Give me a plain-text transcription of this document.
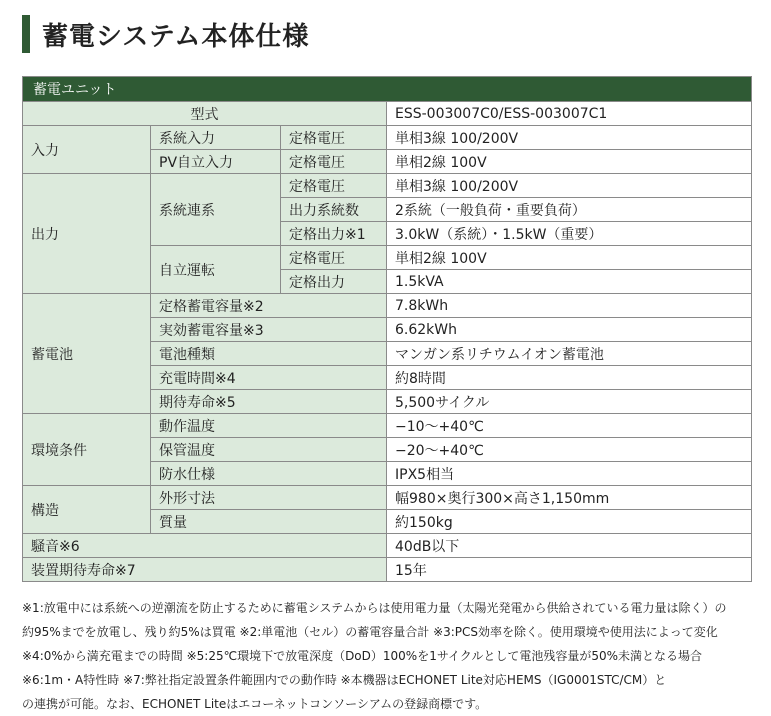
蓄電システム本体仕様
蓄電ユニット			
型式			ESS-003007C0/ESS-003007C1
入力	系統入力	定格電圧	単相3線 100/200V
	PV自立入力	定格電圧	単相2線 100V
出力	系統連系	定格電圧	単相3線 100/200V
		出力系統数	2系統（一般負荷・重要負荷）
		定格出力※1	3.0kW（系統）・1.5kW（重要）
	自立運転	定格電圧	単相2線 100V
		定格出力	1.5kVA
蓄電池	定格蓄電容量※2		7.8kWh
	実効蓄電容量※3		6.62kWh
	電池種類		マンガン系リチウムイオン蓄電池
	充電時間※4		約8時間
	期待寿命※5		5,500サイクル
環境条件	動作温度		−10〜+40℃
	保管温度		−20〜+40℃
	防水仕様		IPX5相当
構造	外形寸法		幅980×奥行300×高さ1,150mm
	質量		約150kg
騒音※6			40dB以下
装置期待寿命※7			15年
※1:放電中には系統への逆潮流を防止するために蓄電システムからは使用電力量（太陽光発電から供給されている電力量は除く）の
約95%までを放電し、残り約5%は買電 ※2:単電池（セル）の蓄電容量合計 ※3:PCS効率を除く。使用環境や使用法によって変化
※4:0%から満充電までの時間 ※5:25℃環境下で放電深度（DoD）100%を1サイクルとして電池残容量が50%未満となる場合
※6:1m・A特性時 ※7:弊社指定設置条件範囲内での動作時 ※本機器はECHONET Lite対応HEMS（IG0001STC/CM）と
の連携が可能。なお、ECHONET Liteはエコーネットコンソーシアムの登録商標です。
